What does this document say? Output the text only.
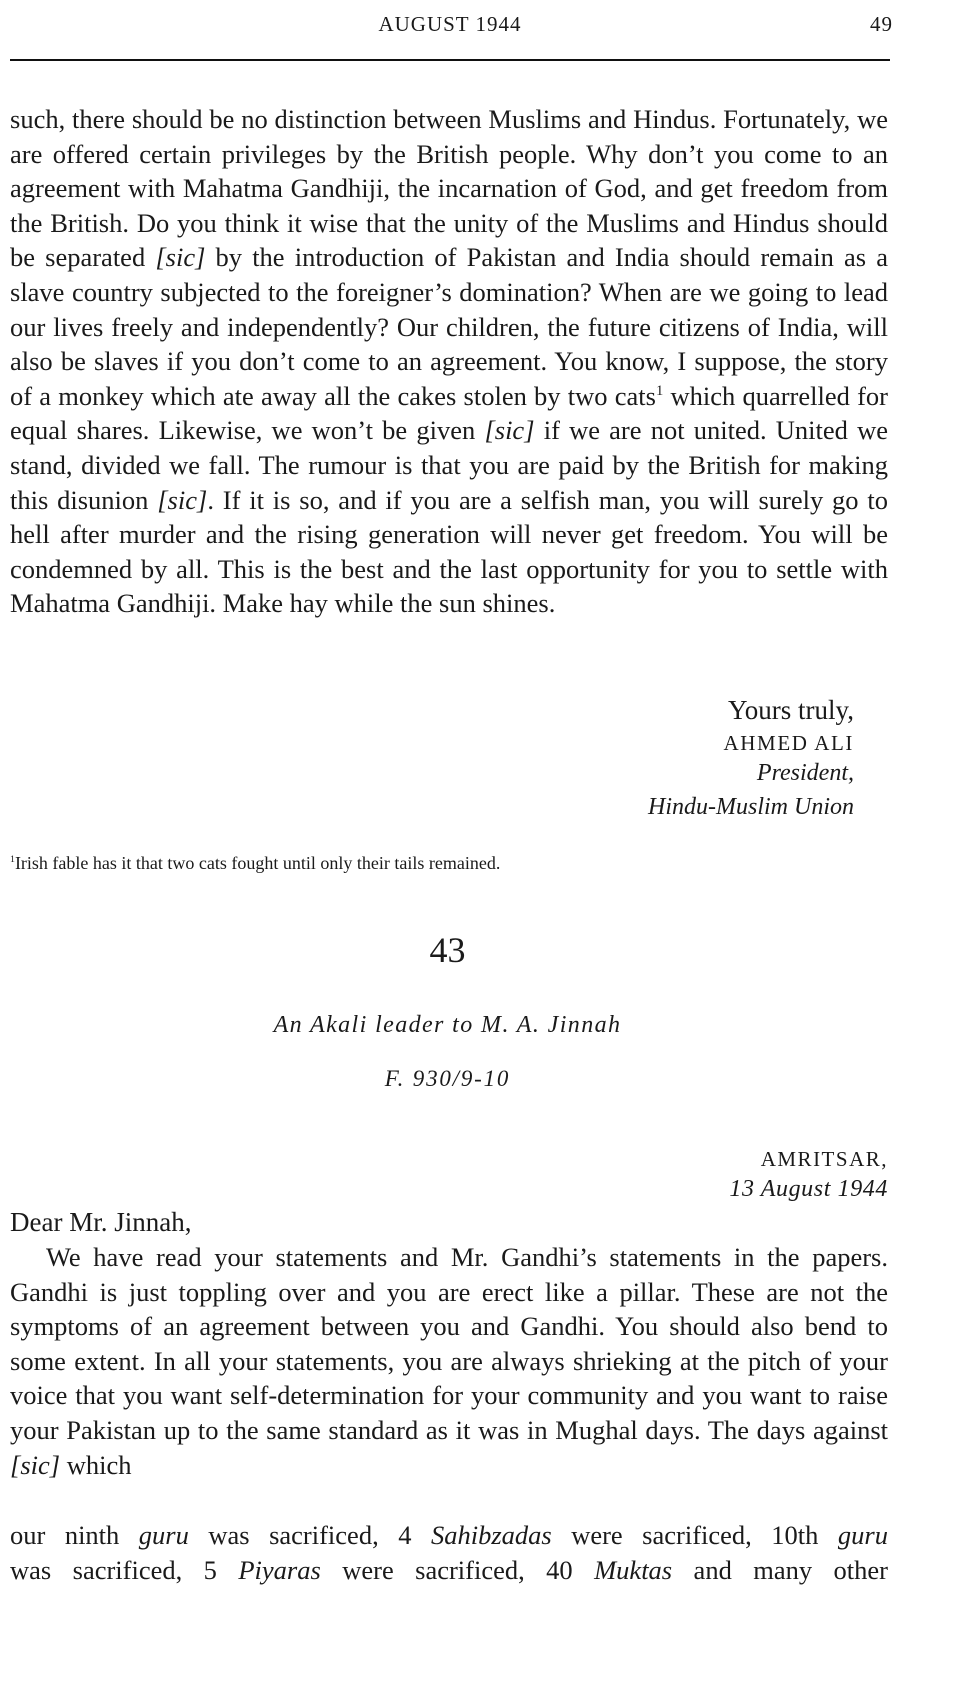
AUGUST 1944	49

such, there should be no distinction between Muslims and Hindus. Fortunately, we are offered certain privileges by the British people. Why don’t you come to an agreement with Mahatma Gandhiji, the incarnation of God, and get freedom from the British. Do you think it wise that the unity of the Muslims and Hindus should be separated [sic] by the introduction of Pakistan and India should remain as a slave country subjected to the foreigner’s domination? When are we going to lead our lives freely and independently? Our children, the future citizens of India, will also be slaves if you don’t come to an agreement. You know, I suppose, the story of a monkey which ate away all the cakes stolen by two cats$^1$ which quarrelled for equal shares. Likewise, we won’t be given [sic] if we are not united. United we stand, divided we fall. The rumour is that you are paid by the British for making this disunion [sic]. If it is so, and if you are a selfish man, you will surely go to hell after murder and the rising generation will never get freedom. You will be condemned by all. This is the best and the last opportunity for you to settle with Mahatma Gandhiji. Make hay while the sun shines.

Yours truly,
AHMED ALI
President,
Hindu-Muslim Union
$^1$Irish fable has it that two cats fought until only their tails remained.
43
An Akali leader to M. A. Jinnah
F. 930/9-10
AMRITSAR,
13 August 1944
Dear Mr. Jinnah,

We have read your statements and Mr. Gandhi’s statements in the papers. Gandhi is just toppling over and you are erect like a pillar. These are not the symptoms of an agreement between you and Gandhi. You should also bend to some extent. In all your statements, you are always shrieking at the pitch of your voice that you want self-determination for your community and you want to raise your Pakistan up to the same standard as it was in Mughal days. The days against [sic] which

our ninth guru was sacrificed, 4 Sahibzadas were sacrificed, 10th guru
was sacrificed, 5 Piyaras were sacrificed, 40 Muktas and many other
